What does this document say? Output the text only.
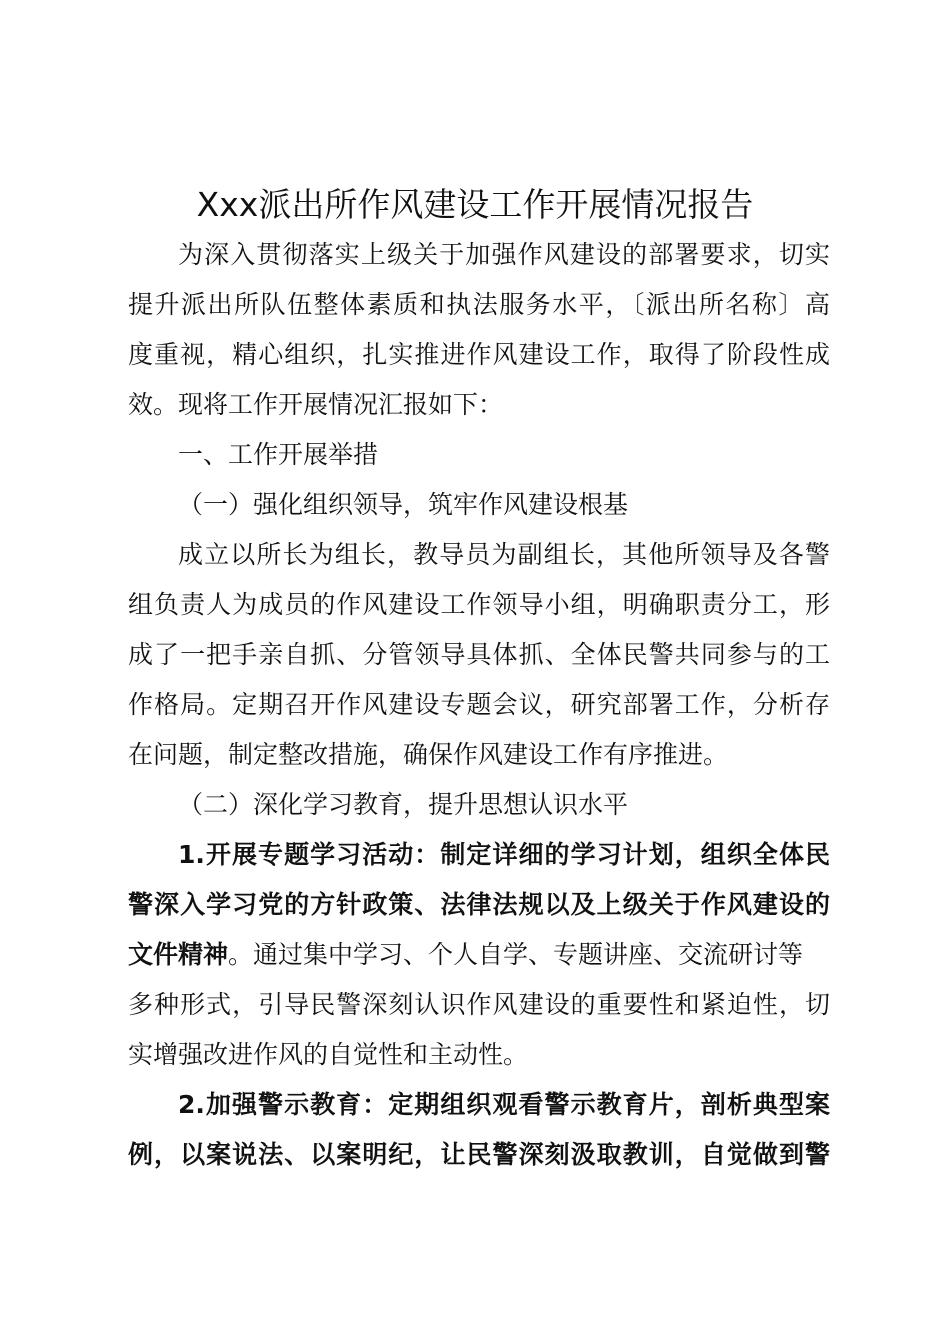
Xxx派出所作风建设工作开展情况报告
为深入贯彻落实上级关于加强作风建设的部署要求，切实
提升派出所队伍整体素质和执法服务水平，〔派出所名称〕高
度重视，精心组织，扎实推进作风建设工作，取得了阶段性成
效。现将工作开展情况汇报如下：
一、工作开展举措
（一）强化组织领导，筑牢作风建设根基
成立以所长为组长，教导员为副组长，其他所领导及各警
组负责人为成员的作风建设工作领导小组，明确职责分工，形
成了一把手亲自抓、分管领导具体抓、全体民警共同参与的工
作格局。定期召开作风建设专题会议，研究部署工作，分析存
在问题，制定整改措施，确保作风建设工作有序推进。
（二）深化学习教育，提升思想认识水平
1.开展专题学习活动：制定详细的学习计划，组织全体民
警深入学习党的方针政策、法律法规以及上级关于作风建设的
文件精神。通过集中学习、个人自学、专题讲座、交流研讨等
多种形式，引导民警深刻认识作风建设的重要性和紧迫性，切
实增强改进作风的自觉性和主动性。
2.加强警示教育：定期组织观看警示教育片，剖析典型案
例，以案说法、以案明纪，让民警深刻汲取教训，自觉做到警
